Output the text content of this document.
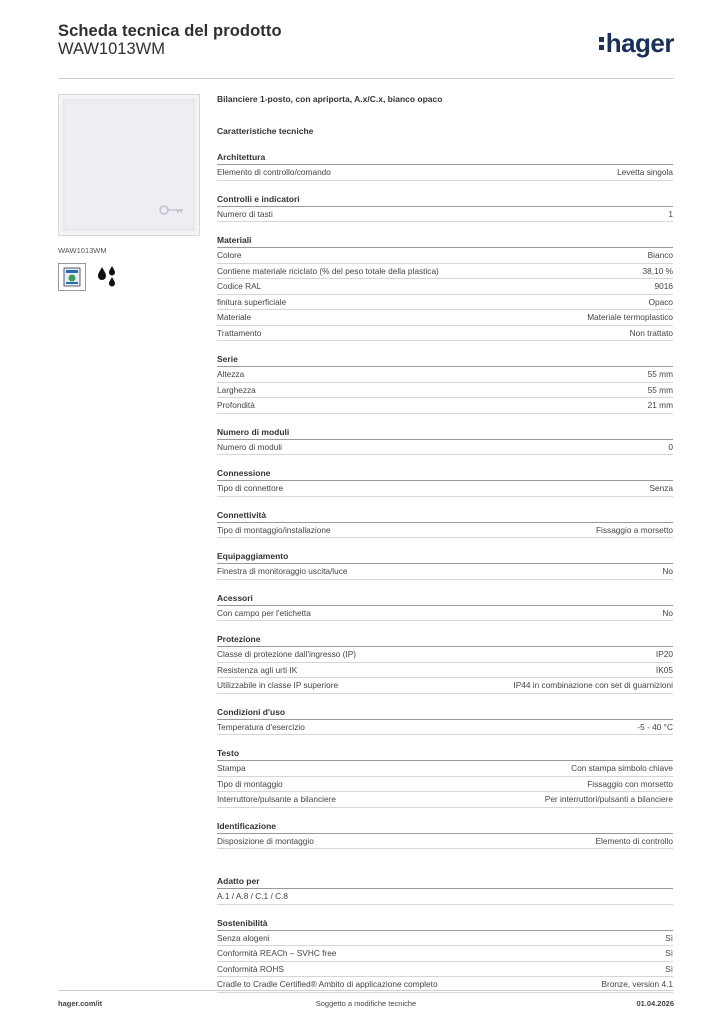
Scheda tecnica del prodotto
WAW1013WM	hager
WAW1013WM
Bilanciere 1-posto, con apriporta, A.x/C.x, bianco opaco
Caratteristiche tecniche
Architettura
Elemento di controllo/comando	Levetta singola
Controlli e indicatori
Numero di tasti	1
Materiali
Colore	Bianco
Contiene materiale riciclato (% del peso totale della plastica)	38,10 %
Codice RAL	9016
finitura superficiale	Opaco
Materiale	Materiale termoplastico
Trattamento	Non trattato
Serie
Altezza	55 mm
Larghezza	55 mm
Profondità	21 mm
Numero di moduli
Numero di moduli	0
Connessione
Tipo di connettore	Senza
Connettività
Tipo di montaggio/installazione	Fissaggio a morsetto
Equipaggiamento
Finestra di monitoraggio uscita/luce	No
Acessori
Con campo per l'etichetta	No
Protezione
Classe di protezione dall'ingresso (IP)	IP20
Resistenza agli urti IK	IK05
Utilizzabile in classe IP superiore	IP44 in combinazione con set di guarnizioni
Condizioni d'uso
Temperatura d'esercizio	-5 - 40 °C
Testo
Stampa	Con stampa simbolo chiave
Tipo di montaggio	Fissaggio con morsetto
Interruttore/pulsante a bilanciere	Per interruttori/pulsanti a bilanciere
Identificazione
Disposizione di montaggio	Elemento di controllo
Adatto per
A.1 / A.8 / C.1 / C.8
Sostenibilità
Senza alogeni	Sì
Conformità REACh – SVHC free	Sì
Conformità ROHS	Sì
Cradle to Cradle Certified® Ambito di applicazione completo	Bronze, version 4.1
hager.com/it	Soggetto a modifiche tecniche	01.04.2026
